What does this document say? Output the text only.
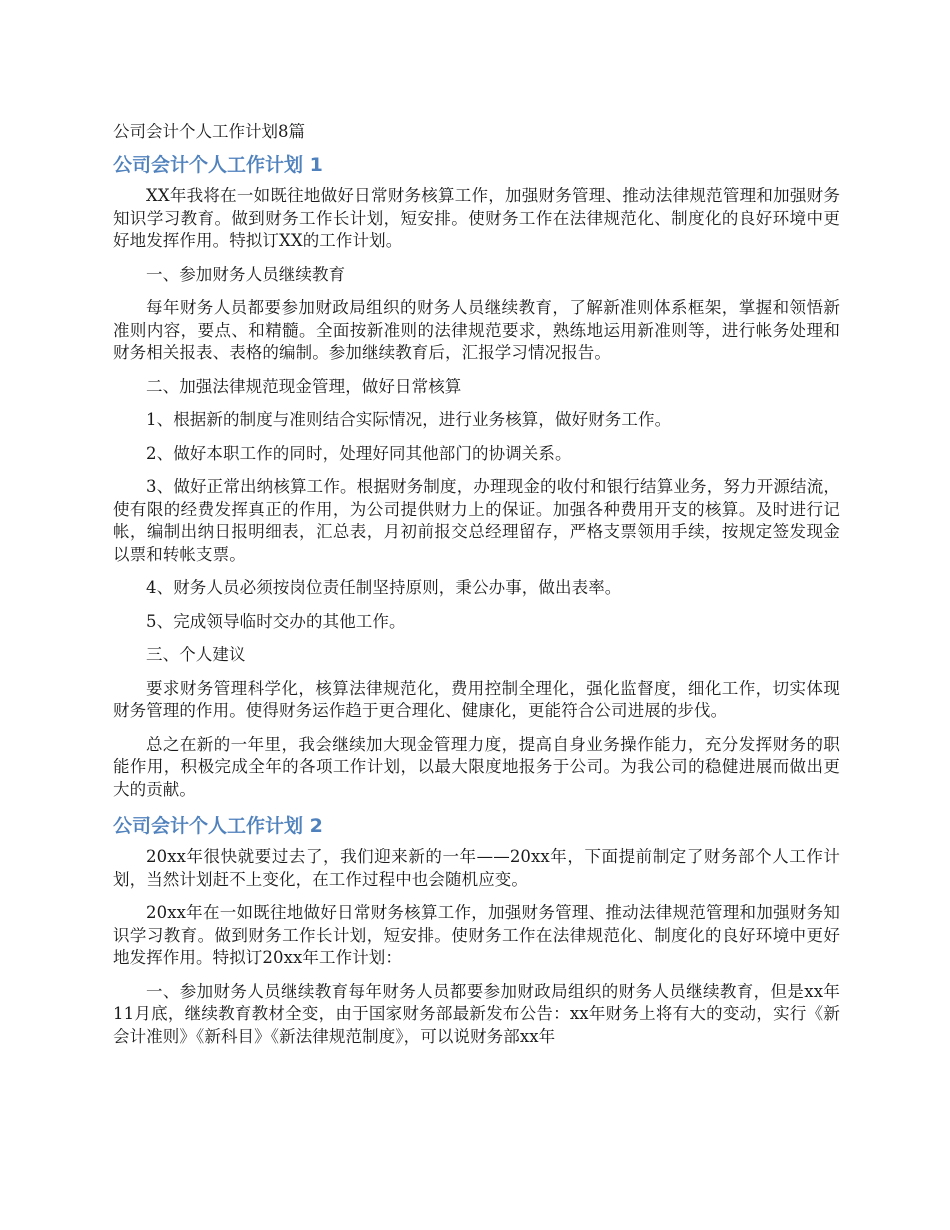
公司会计个人工作计划8篇
公司会计个人工作计划 1

XX年我将在一如既往地做好日常财务核算工作，加强财务管理、推动法律规范管理和加强财务知识学习教育。做到财务工作长计划，短安排。使财务工作在法律规范化、制度化的良好环境中更好地发挥作用。特拟订XX的工作计划。

一、参加财务人员继续教育

每年财务人员都要参加财政局组织的财务人员继续教育，了解新准则体系框架，掌握和领悟新准则内容，要点、和精髓。全面按新准则的法律规范要求，熟练地运用新准则等，进行帐务处理和财务相关报表、表格的编制。参加继续教育后，汇报学习情况报告。

二、加强法律规范现金管理，做好日常核算

1、根据新的制度与准则结合实际情况，进行业务核算，做好财务工作。

2、做好本职工作的同时，处理好同其他部门的协调关系。

3、做好正常出纳核算工作。根据财务制度，办理现金的收付和银行结算业务，努力开源结流，使有限的经费发挥真正的作用，为公司提供财力上的保证。加强各种费用开支的核算。及时进行记帐，编制出纳日报明细表，汇总表，月初前报交总经理留存，严格支票领用手续，按规定签发现金以票和转帐支票。

4、财务人员必须按岗位责任制坚持原则，秉公办事，做出表率。

5、完成领导临时交办的其他工作。

三、个人建议

要求财务管理科学化，核算法律规范化，费用控制全理化，强化监督度，细化工作，切实体现财务管理的作用。使得财务运作趋于更合理化、健康化，更能符合公司进展的步伐。

总之在新的一年里，我会继续加大现金管理力度，提高自身业务操作能力，充分发挥财务的职能作用，积极完成全年的各项工作计划，以最大限度地报务于公司。为我公司的稳健进展而做出更大的贡献。

公司会计个人工作计划 2

20xx年很快就要过去了，我们迎来新的一年——20xx年，下面提前制定了财务部个人工作计划，当然计划赶不上变化，在工作过程中也会随机应变。

20xx年在一如既往地做好日常财务核算工作，加强财务管理、推动法律规范管理和加强财务知识学习教育。做到财务工作长计划，短安排。使财务工作在法律规范化、制度化的良好环境中更好地发挥作用。特拟订20xx年工作计划：

一、参加财务人员继续教育每年财务人员都要参加财政局组织的财务人员继续教育，但是xx年11月底，继续教育教材全变，由于国家财务部最新发布公告：xx年财务上将有大的变动，实行《新会计准则》《新科目》《新法律规范制度》，可以说财务部xx年
